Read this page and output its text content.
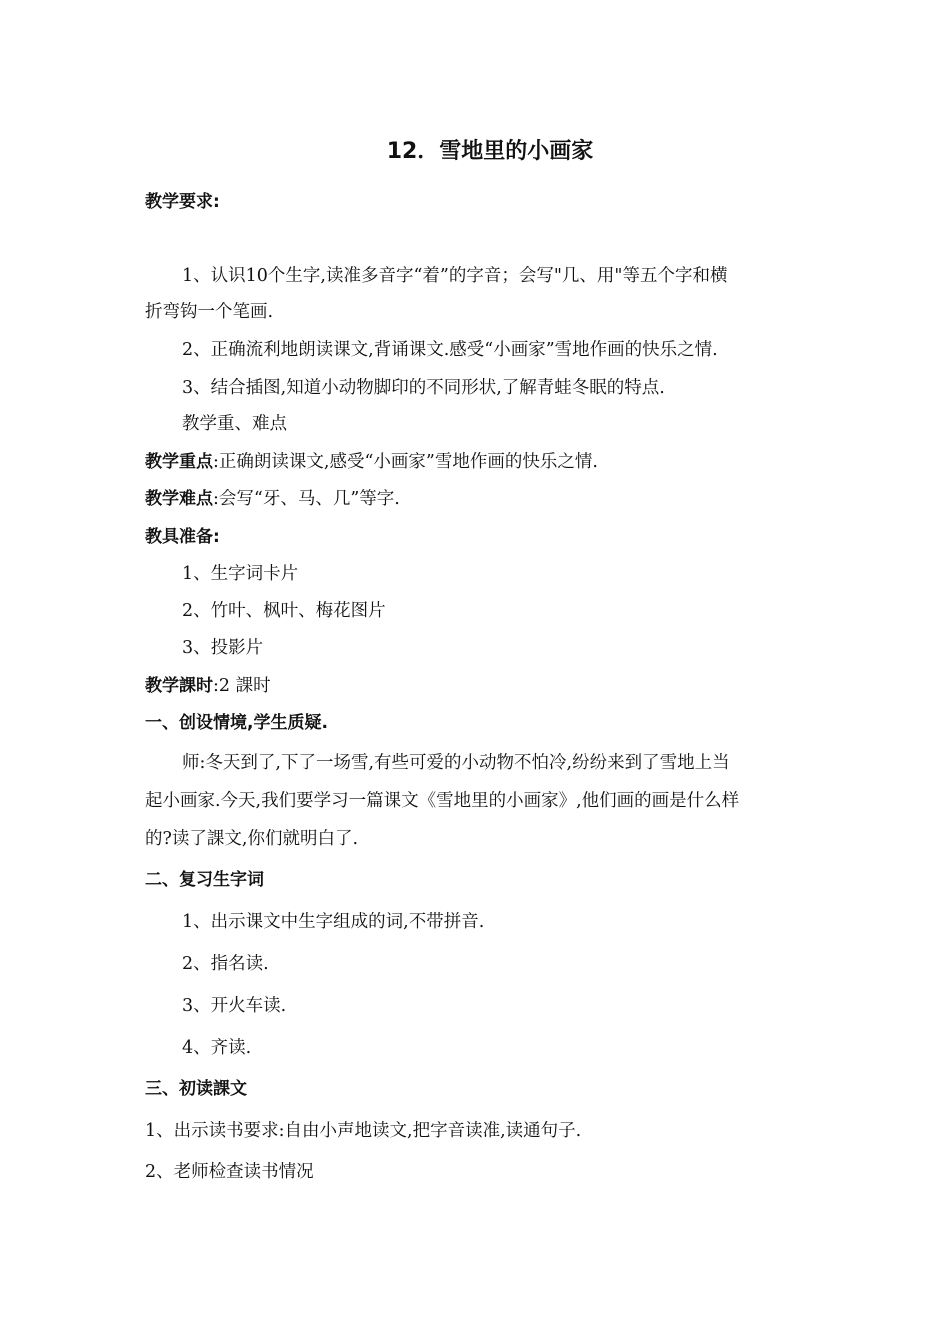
12．雪地里的小画家
教学要求:
1、认识10个生字,读准多音字“着”的字音；会写"几、用"等五个字和横
折弯钩一个笔画.
2、正确流利地朗读课文,背诵课文.感受“小画家”雪地作画的快乐之情.
3、结合插图,知道小动物脚印的不同形状,了解青蛙冬眠的特点.
教学重、难点
教学重点:正确朗读课文,感受“小画家”雪地作画的快乐之情.
教学难点:会写“牙、马、几”等字.
教具准备:
1、生字词卡片
2、竹叶、枫叶、梅花图片
3、投影片
教学課时:2 課时
一、创设情境,学生质疑.
师:冬天到了,下了一场雪,有些可爱的小动物不怕冷,纷纷来到了雪地上当
起小画家.今天,我们要学习一篇课文《雪地里的小画家》,他们画的画是什么样
的?读了課文,你们就明白了.
二、复习生字词
1、出示课文中生字组成的词,不带拼音.
2、指名读.
3、开火车读.
4、齐读.
三、初读課文
1、出示读书要求:自由小声地读文,把字音读准,读通句子.
2、老师检查读书情况
